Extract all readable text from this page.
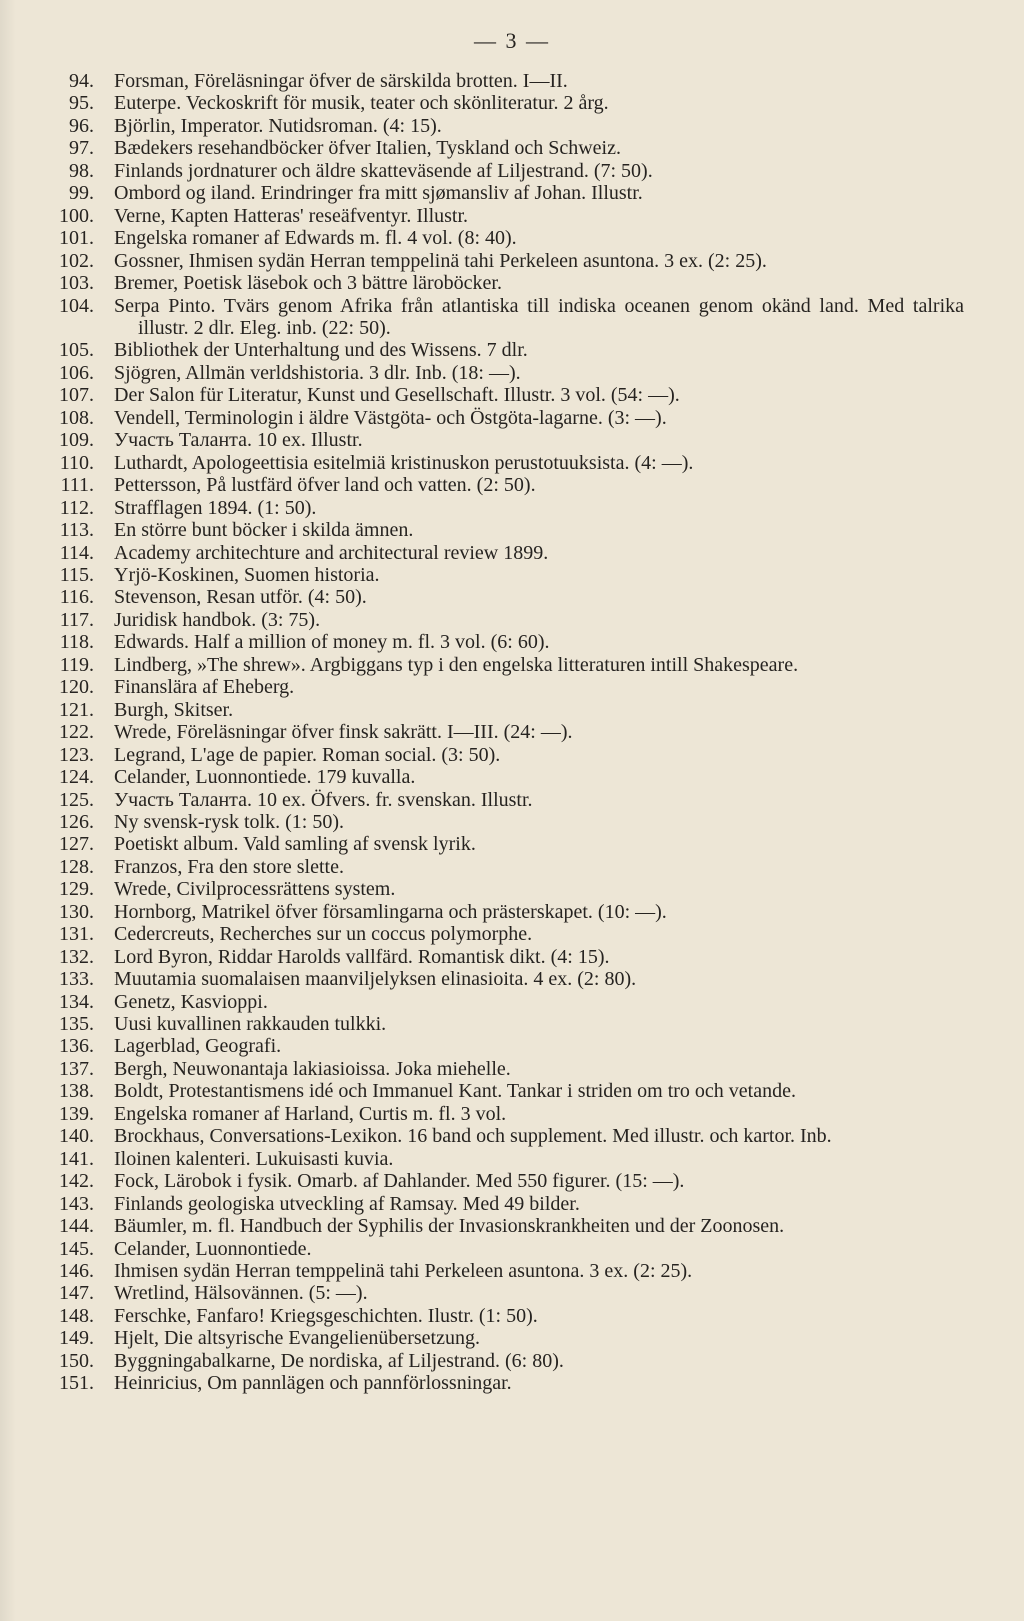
— 3 —
94. Forsman, Föreläsningar öfver de särskilda brotten. I—II.
95. Euterpe. Veckoskrift för musik, teater och skönliteratur. 2 årg.
96. Björlin, Imperator. Nutidsroman. (4: 15).
97. Bædekers resehandböcker öfver Italien, Tyskland och Schweiz.
98. Finlands jordnaturer och äldre skatteväsende af Liljestrand. (7: 50).
99. Ombord og iland. Erindringer fra mitt sjømansliv af Johan. Illustr.
100. Verne, Kapten Hatteras' reseäfventyr. Illustr.
101. Engelska romaner af Edwards m. fl. 4 vol. (8: 40).
102. Gossner, Ihmisen sydän Herran temppelinä tahi Perkeleen asuntona. 3 ex. (2: 25).
103. Bremer, Poetisk läsebok och 3 bättre läroböcker.
104. Serpa Pinto. Tvärs genom Afrika från atlantiska till indiska oceanen genom okänd land. Med talrika illustr. 2 dlr. Eleg. inb. (22: 50).
105. Bibliothek der Unterhaltung und des Wissens. 7 dlr.
106. Sjögren, Allmän verldshistoria. 3 dlr. Inb. (18: —).
107. Der Salon für Literatur, Kunst und Gesellschaft. Illustr. 3 vol. (54: —).
108. Vendell, Terminologin i äldre Västgöta- och Östgöta-lagarne. (3: —).
109. Участь Таланта. 10 ex. Illustr.
110. Luthardt, Apologeettisia esitelmiä kristinuskon perustotuuksista. (4: —).
111. Pettersson, På lustfärd öfver land och vatten. (2: 50).
112. Strafflagen 1894. (1: 50).
113. En större bunt böcker i skilda ämnen.
114. Academy architechture and architectural review 1899.
115. Yrjö-Koskinen, Suomen historia.
116. Stevenson, Resan utför. (4: 50).
117. Juridisk handbok. (3: 75).
118. Edwards. Half a million of money m. fl. 3 vol. (6: 60).
119. Lindberg, »The shrew». Argbiggans typ i den engelska litteraturen intill Shakespeare.
120. Finanslära af Eheberg.
121. Burgh, Skitser.
122. Wrede, Föreläsningar öfver finsk sakrätt. I—III. (24: —).
123. Legrand, L'age de papier. Roman social. (3: 50).
124. Celander, Luonnontiede. 179 kuvalla.
125. Участь Таланта. 10 ex. Öfvers. fr. svenskan. Illustr.
126. Ny svensk-rysk tolk. (1: 50).
127. Poetiskt album. Vald samling af svensk lyrik.
128. Franzos, Fra den store slette.
129. Wrede, Civilprocessrättens system.
130. Hornborg, Matrikel öfver församlingarna och prästerskapet. (10: —).
131. Cedercreuts, Recherches sur un coccus polymorphe.
132. Lord Byron, Riddar Harolds vallfärd. Romantisk dikt. (4: 15).
133. Muutamia suomalaisen maanviljelyksen elinasioita. 4 ex. (2: 80).
134. Genetz, Kasvioppi.
135. Uusi kuvallinen rakkauden tulkki.
136. Lagerblad, Geografi.
137. Bergh, Neuwonantaja lakiasioissa. Joka miehelle.
138. Boldt, Protestantismens idé och Immanuel Kant. Tankar i striden om tro och vetande.
139. Engelska romaner af Harland, Curtis m. fl. 3 vol.
140. Brockhaus, Conversations-Lexikon. 16 band och supplement. Med illustr. och kartor. Inb.
141. Iloinen kalenteri. Lukuisasti kuvia.
142. Fock, Lärobok i fysik. Omarb. af Dahlander. Med 550 figurer. (15: —).
143. Finlands geologiska utveckling af Ramsay. Med 49 bilder.
144. Bäumler, m. fl. Handbuch der Syphilis der Invasionskrankheiten und der Zoonosen.
145. Celander, Luonnontiede.
146. Ihmisen sydän Herran temppelinä tahi Perkeleen asuntona. 3 ex. (2: 25).
147. Wretlind, Hälsovännen. (5: —).
148. Ferschke, Fanfaro! Kriegsgeschichten. Ilustr. (1: 50).
149. Hjelt, Die altsyrische Evangelienübersetzung.
150. Byggningabalkarne, De nordiska, af Liljestrand. (6: 80).
151. Heinricius, Om pannlägen och pannförlossningar.
